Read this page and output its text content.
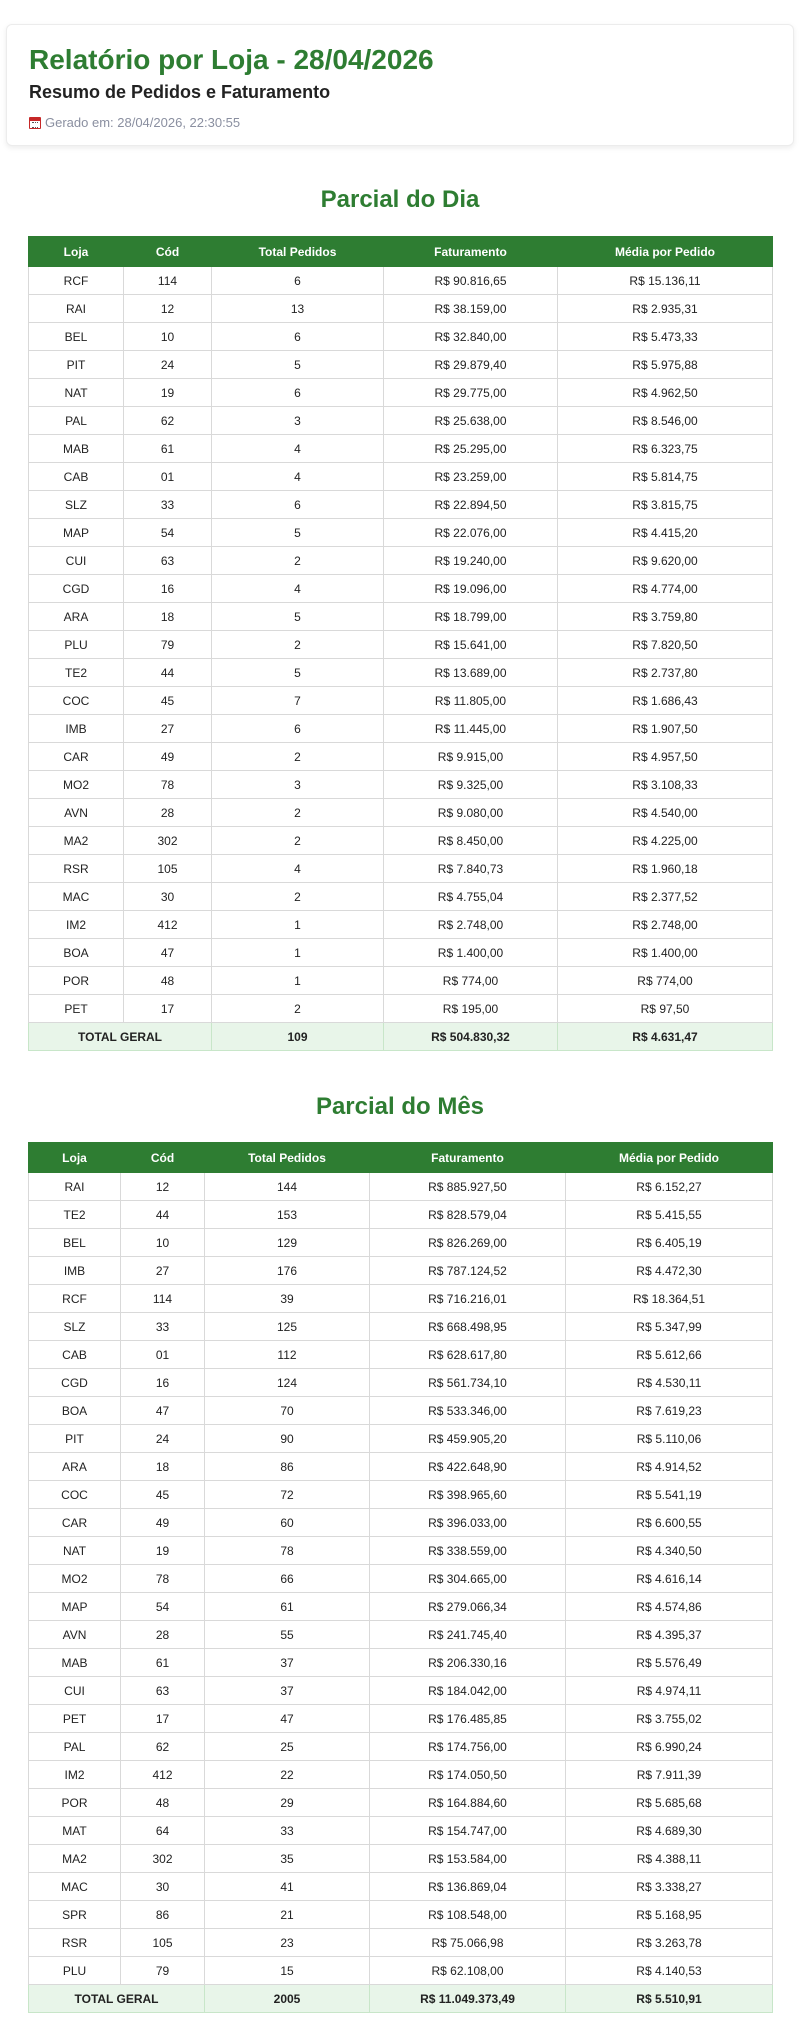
Relatório por Loja - 28/04/2026
Resumo de Pedidos e Faturamento
Gerado em: 28/04/2026, 22:30:55
Parcial do Dia
Loja	Cód	Total Pedidos	Faturamento	Média por Pedido
RCF	114	6	R$ 90.816,65	R$ 15.136,11
RAI	12	13	R$ 38.159,00	R$ 2.935,31
BEL	10	6	R$ 32.840,00	R$ 5.473,33
PIT	24	5	R$ 29.879,40	R$ 5.975,88
NAT	19	6	R$ 29.775,00	R$ 4.962,50
PAL	62	3	R$ 25.638,00	R$ 8.546,00
MAB	61	4	R$ 25.295,00	R$ 6.323,75
CAB	01	4	R$ 23.259,00	R$ 5.814,75
SLZ	33	6	R$ 22.894,50	R$ 3.815,75
MAP	54	5	R$ 22.076,00	R$ 4.415,20
CUI	63	2	R$ 19.240,00	R$ 9.620,00
CGD	16	4	R$ 19.096,00	R$ 4.774,00
ARA	18	5	R$ 18.799,00	R$ 3.759,80
PLU	79	2	R$ 15.641,00	R$ 7.820,50
TE2	44	5	R$ 13.689,00	R$ 2.737,80
COC	45	7	R$ 11.805,00	R$ 1.686,43
IMB	27	6	R$ 11.445,00	R$ 1.907,50
CAR	49	2	R$ 9.915,00	R$ 4.957,50
MO2	78	3	R$ 9.325,00	R$ 3.108,33
AVN	28	2	R$ 9.080,00	R$ 4.540,00
MA2	302	2	R$ 8.450,00	R$ 4.225,00
RSR	105	4	R$ 7.840,73	R$ 1.960,18
MAC	30	2	R$ 4.755,04	R$ 2.377,52
IM2	412	1	R$ 2.748,00	R$ 2.748,00
BOA	47	1	R$ 1.400,00	R$ 1.400,00
POR	48	1	R$ 774,00	R$ 774,00
PET	17	2	R$ 195,00	R$ 97,50
TOTAL GERAL		109	R$ 504.830,32	R$ 4.631,47
Parcial do Mês
Loja	Cód	Total Pedidos	Faturamento	Média por Pedido
RAI	12	144	R$ 885.927,50	R$ 6.152,27
TE2	44	153	R$ 828.579,04	R$ 5.415,55
BEL	10	129	R$ 826.269,00	R$ 6.405,19
IMB	27	176	R$ 787.124,52	R$ 4.472,30
RCF	114	39	R$ 716.216,01	R$ 18.364,51
SLZ	33	125	R$ 668.498,95	R$ 5.347,99
CAB	01	112	R$ 628.617,80	R$ 5.612,66
CGD	16	124	R$ 561.734,10	R$ 4.530,11
BOA	47	70	R$ 533.346,00	R$ 7.619,23
PIT	24	90	R$ 459.905,20	R$ 5.110,06
ARA	18	86	R$ 422.648,90	R$ 4.914,52
COC	45	72	R$ 398.965,60	R$ 5.541,19
CAR	49	60	R$ 396.033,00	R$ 6.600,55
NAT	19	78	R$ 338.559,00	R$ 4.340,50
MO2	78	66	R$ 304.665,00	R$ 4.616,14
MAP	54	61	R$ 279.066,34	R$ 4.574,86
AVN	28	55	R$ 241.745,40	R$ 4.395,37
MAB	61	37	R$ 206.330,16	R$ 5.576,49
CUI	63	37	R$ 184.042,00	R$ 4.974,11
PET	17	47	R$ 176.485,85	R$ 3.755,02
PAL	62	25	R$ 174.756,00	R$ 6.990,24
IM2	412	22	R$ 174.050,50	R$ 7.911,39
POR	48	29	R$ 164.884,60	R$ 5.685,68
MAT	64	33	R$ 154.747,00	R$ 4.689,30
MA2	302	35	R$ 153.584,00	R$ 4.388,11
MAC	30	41	R$ 136.869,04	R$ 3.338,27
SPR	86	21	R$ 108.548,00	R$ 5.168,95
RSR	105	23	R$ 75.066,98	R$ 3.263,78
PLU	79	15	R$ 62.108,00	R$ 4.140,53
TOTAL GERAL		2005	R$ 11.049.373,49	R$ 5.510,91
